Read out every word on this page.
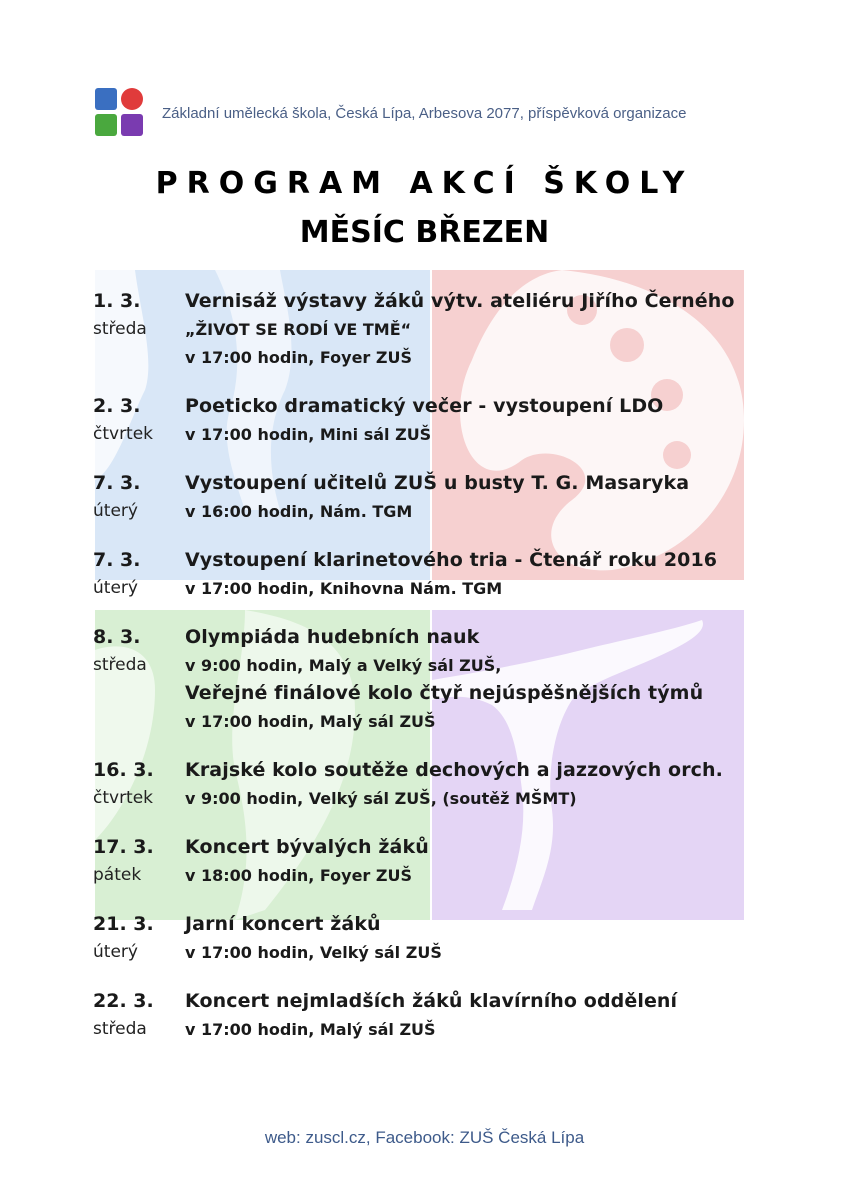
Základní umělecká škola, Česká Lípa, Arbesova 2077, příspěvková organizace
PROGRAM AKCÍ ŠKOLY
MĚSÍC BŘEZEN
1. 3.
středa
Vernisáž výstavy žáků výtv. ateliéru Jiřího Černého
„ŽIVOT SE RODÍ VE TMĚ“
v 17:00 hodin, Foyer ZUŠ
2. 3.
čtvrtek
Poeticko dramatický večer - vystoupení LDO
v 17:00 hodin, Mini sál ZUŠ
7. 3.
úterý
Vystoupení učitelů ZUŠ u busty T. G. Masaryka
v 16:00 hodin, Nám. TGM
7. 3.
úterý
Vystoupení klarinetového tria - Čtenář roku 2016
v 17:00 hodin, Knihovna Nám. TGM
8. 3.
středa
Olympiáda hudebních nauk
v 9:00 hodin, Malý a Velký sál ZUŠ,
Veřejné finálové kolo čtyř nejúspěšnějších týmů
v 17:00 hodin, Malý sál ZUŠ
16. 3.
čtvrtek
Krajské kolo soutěže dechových a jazzových orch.
v 9:00 hodin, Velký sál ZUŠ, (soutěž MŠMT)
17. 3.
pátek
Koncert bývalých žáků
v 18:00 hodin, Foyer ZUŠ
21. 3.
úterý
Jarní koncert žáků
v 17:00 hodin, Velký sál ZUŠ
22. 3.
středa
Koncert nejmladších žáků klavírního oddělení
v 17:00 hodin, Malý sál ZUŠ
web: zuscl.cz, Facebook: ZUŠ Česká Lípa
